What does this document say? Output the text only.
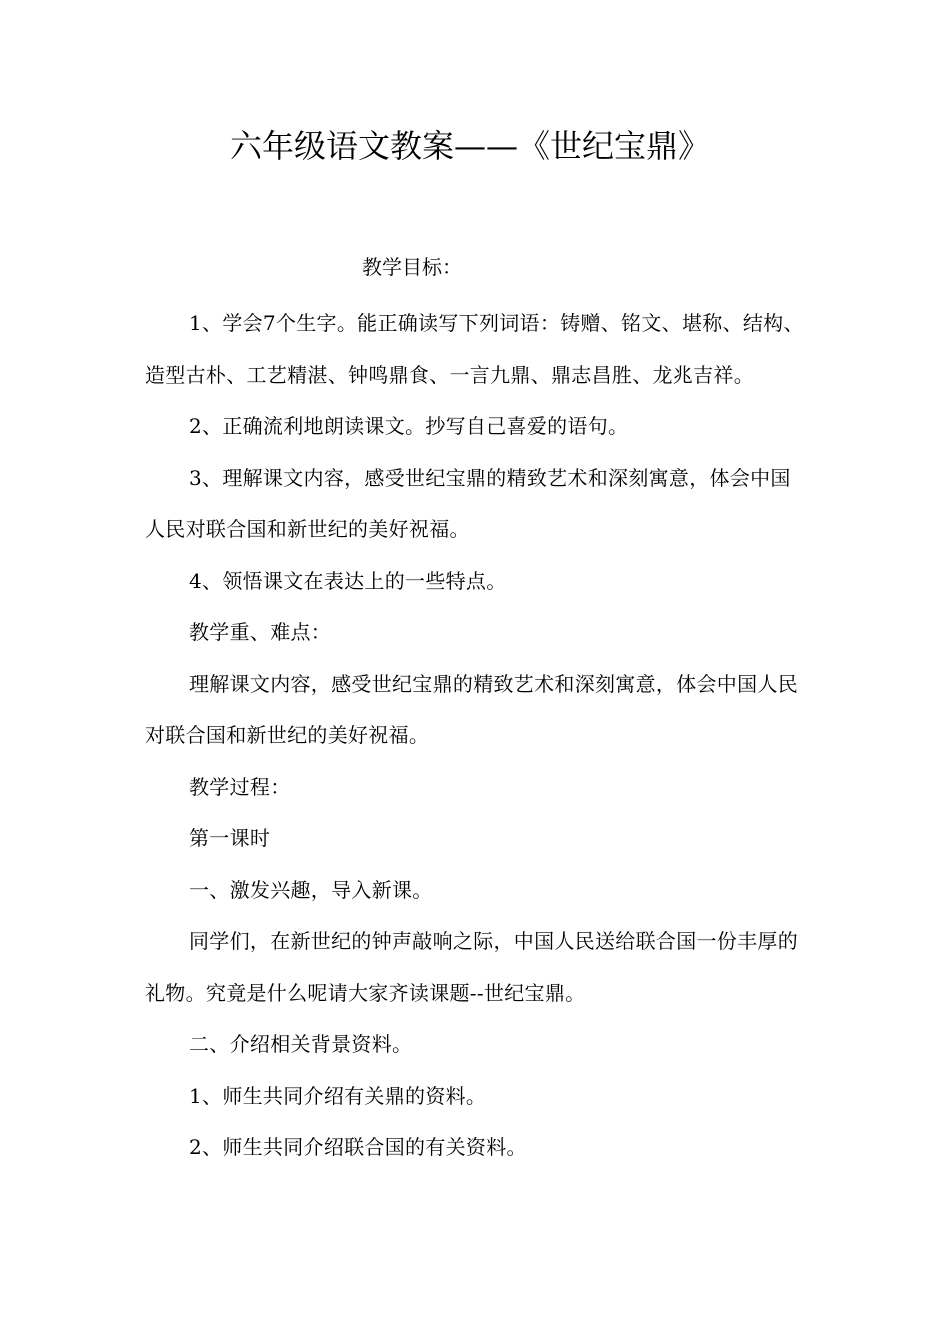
六年级语文教案——《世纪宝鼎》
教学目标：

1、学会7个生字。能正确读写下列词语：铸赠、铭文、堪称、结构、造型古朴、工艺精湛、钟鸣鼎食、一言九鼎、鼎志昌胜、龙兆吉祥。

2、正确流利地朗读课文。抄写自己喜爱的语句。

3、理解课文内容，感受世纪宝鼎的精致艺术和深刻寓意，体会中国人民对联合国和新世纪的美好祝福。

4、领悟课文在表达上的一些特点。

教学重、难点：

理解课文内容，感受世纪宝鼎的精致艺术和深刻寓意，体会中国人民对联合国和新世纪的美好祝福。

教学过程：

第一课时

一、激发兴趣，导入新课。

同学们，在新世纪的钟声敲响之际，中国人民送给联合国一份丰厚的礼物。究竟是什么呢请大家齐读课题--世纪宝鼎。

二、介绍相关背景资料。

1、师生共同介绍有关鼎的资料。

2、师生共同介绍联合国的有关资料。
